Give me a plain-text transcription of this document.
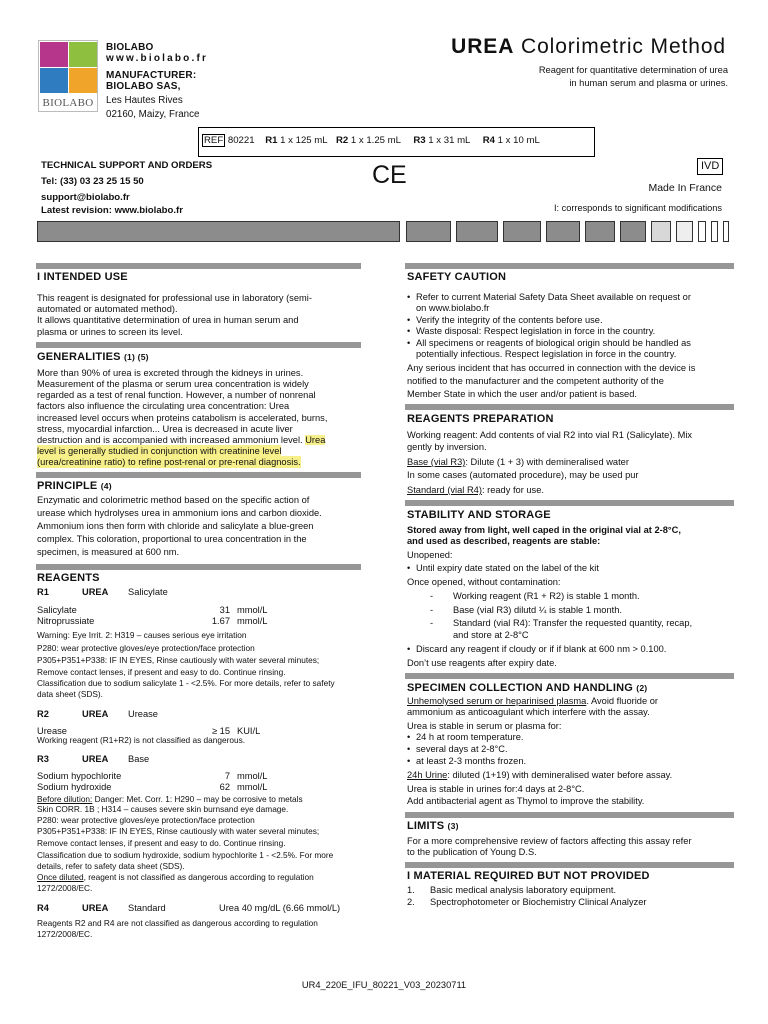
BIOLABO
BIOLABO
www.biolabo.fr
MANUFACTURER:
BIOLABO SAS,
Les Hautes Rives
02160, Maizy, France
UREA Colorimetric Method
Reagent for quantitative determination of urea
in human serum and plasma or urines.
REF 80221 R1 1 x 125 mL R2 1 x 1.25 mL R3 1 x 31 mL R4 1 x 10 mL
TECHNICAL SUPPORT AND ORDERS
Tel: (33) 03 23 25 15 50
support@biolabo.fr
Latest revision: www.biolabo.fr
CE	IVD
Made In France
I: corresponds to significant modifications
I INTENDED USE
This reagent is designated for professional use in laboratory (semi-
automated or automated method).
It allows quantitative determination of urea in human serum and
plasma or urines to screen its level.
GENERALITIES (1) (5)
More than 90% of urea is excreted through the kidneys in urines.
Measurement of the plasma or serum urea concentration is widely
regarded as a test of renal function. However, a number of nonrenal
factors also influence the circulating urea concentration: Urea
increased level occurs when proteins catabolism is accelerated, burns,
stress, myocardial infarction... Urea is decreased in acute liver
destruction and is accompanied with increased ammonium level. Urea
level is generally studied in conjunction with creatinine level
(urea/creatinine ratio) to refine post-renal or pre-renal diagnosis.
PRINCIPLE (4)
Enzymatic and colorimetric method based on the specific action of
urease which hydrolyses urea in ammonium ions and carbon dioxide.
Ammonium ions then form with chloride and salicylate a blue-green
complex. This coloration, proportional to urea concentration in the
specimen, is measured at 600 nm.
REAGENTS
R1	UREA Salicylate
Salicylate	31 mmol/L
Nitroprussiate	1.67 mmol/L
Warning: Eye Irrit. 2: H319 – causes serious eye irritation
P280: wear protective gloves/eye protection/face protection
P305+P351+P338: IF IN EYES, Rinse cautiously with water several minutes;
Remove contact lenses, if present and easy to do. Continue rinsing.
Classification due to sodium salicylate 1 - <2.5%. For more details, refer to safety
data sheet (SDS).
R2	UREA Urease
Urease	≥ 15 KUI/L
Working reagent (R1+R2) is not classified as dangerous.
R3	UREA Base
Sodium hypochlorite	7 mmol/L
Sodium hydroxide	62 mmol/L
Before dilution: Danger: Met. Corr. 1: H290 – may be corrosive to metals
Skin CORR. 1B ; H314 – causes severe skin burnsand eye damage.
P280: wear protective gloves/eye protection/face protection
P305+P351+P338: IF IN EYES, Rinse cautiously with water several minutes;
Remove contact lenses, if present and easy to do. Continue rinsing.
Classification due to sodium hydroxide, sodium hypochlorite 1 - <2.5%. For more
details, refer to safety data sheet (SDS).
Once diluted, reagent is not classified as dangerous according to regulation
1272/2008/EC.
R4	UREA Standard	Urea 40 mg/dL (6.66 mmol/L)
Reagents R2 and R4 are not classified as dangerous according to regulation
1272/2008/EC.
SAFETY CAUTION
• Refer to current Material Safety Data Sheet available on request or
on www.biolabo.fr
• Verify the integrity of the contents before use.
• Waste disposal: Respect legislation in force in the country.
• All specimens or reagents of biological origin should be handled as
potentially infectious. Respect legislation in force in the country.
Any serious incident that has occurred in connection with the device is
notified to the manufacturer and the competent authority of the
Member State in which the user and/or patient is based.
REAGENTS PREPARATION
Working reagent: Add contents of vial R2 into vial R1 (Salicylate). Mix
gently by inversion.
Base (vial R3): Dilute (1 + 3) with demineralised water
In some cases (automated procedure), may be used pur
Standard (vial R4): ready for use.
STABILITY AND STORAGE
Stored away from light, well caped in the original vial at 2-8°C,
and used as described, reagents are stable:
Unopened:
• Until expiry date stated on the label of the kit
Once opened, without contamination:
- Working reagent (R1 + R2) is stable 1 month.
- Base (vial R3) dilutd ¼ is stable 1 month.
- Standard (vial R4): Transfer the requested quantity, recap,
and store at 2-8°C
• Discard any reagent if cloudy or if if blank at 600 nm > 0.100.
Don’t use reagents after expiry date.
SPECIMEN COLLECTION AND HANDLING (2)
Unhemolysed serum or heparinised plasma. Avoid fluoride or
ammonium as anticoagulant which interfere with the assay.
Urea is stable in serum or plasma for:
• 24 h at room temperature.
• several days at 2-8°C.
• at least 2-3 months frozen.
24h Urine: diluted (1+19) with demineralised water before assay.
Urea is stable in urines for:4 days at 2-8°C.
Add antibacterial agent as Thymol to improve the stability.
LIMITS (3)
For a more comprehensive review of factors affecting this assay refer
to the publication of Young D.S.
I MATERIAL REQUIRED BUT NOT PROVIDED
1. Basic medical analysis laboratory equipment.
2. Spectrophotometer or Biochemistry Clinical Analyzer
UR4_220E_IFU_80221_V03_20230711
